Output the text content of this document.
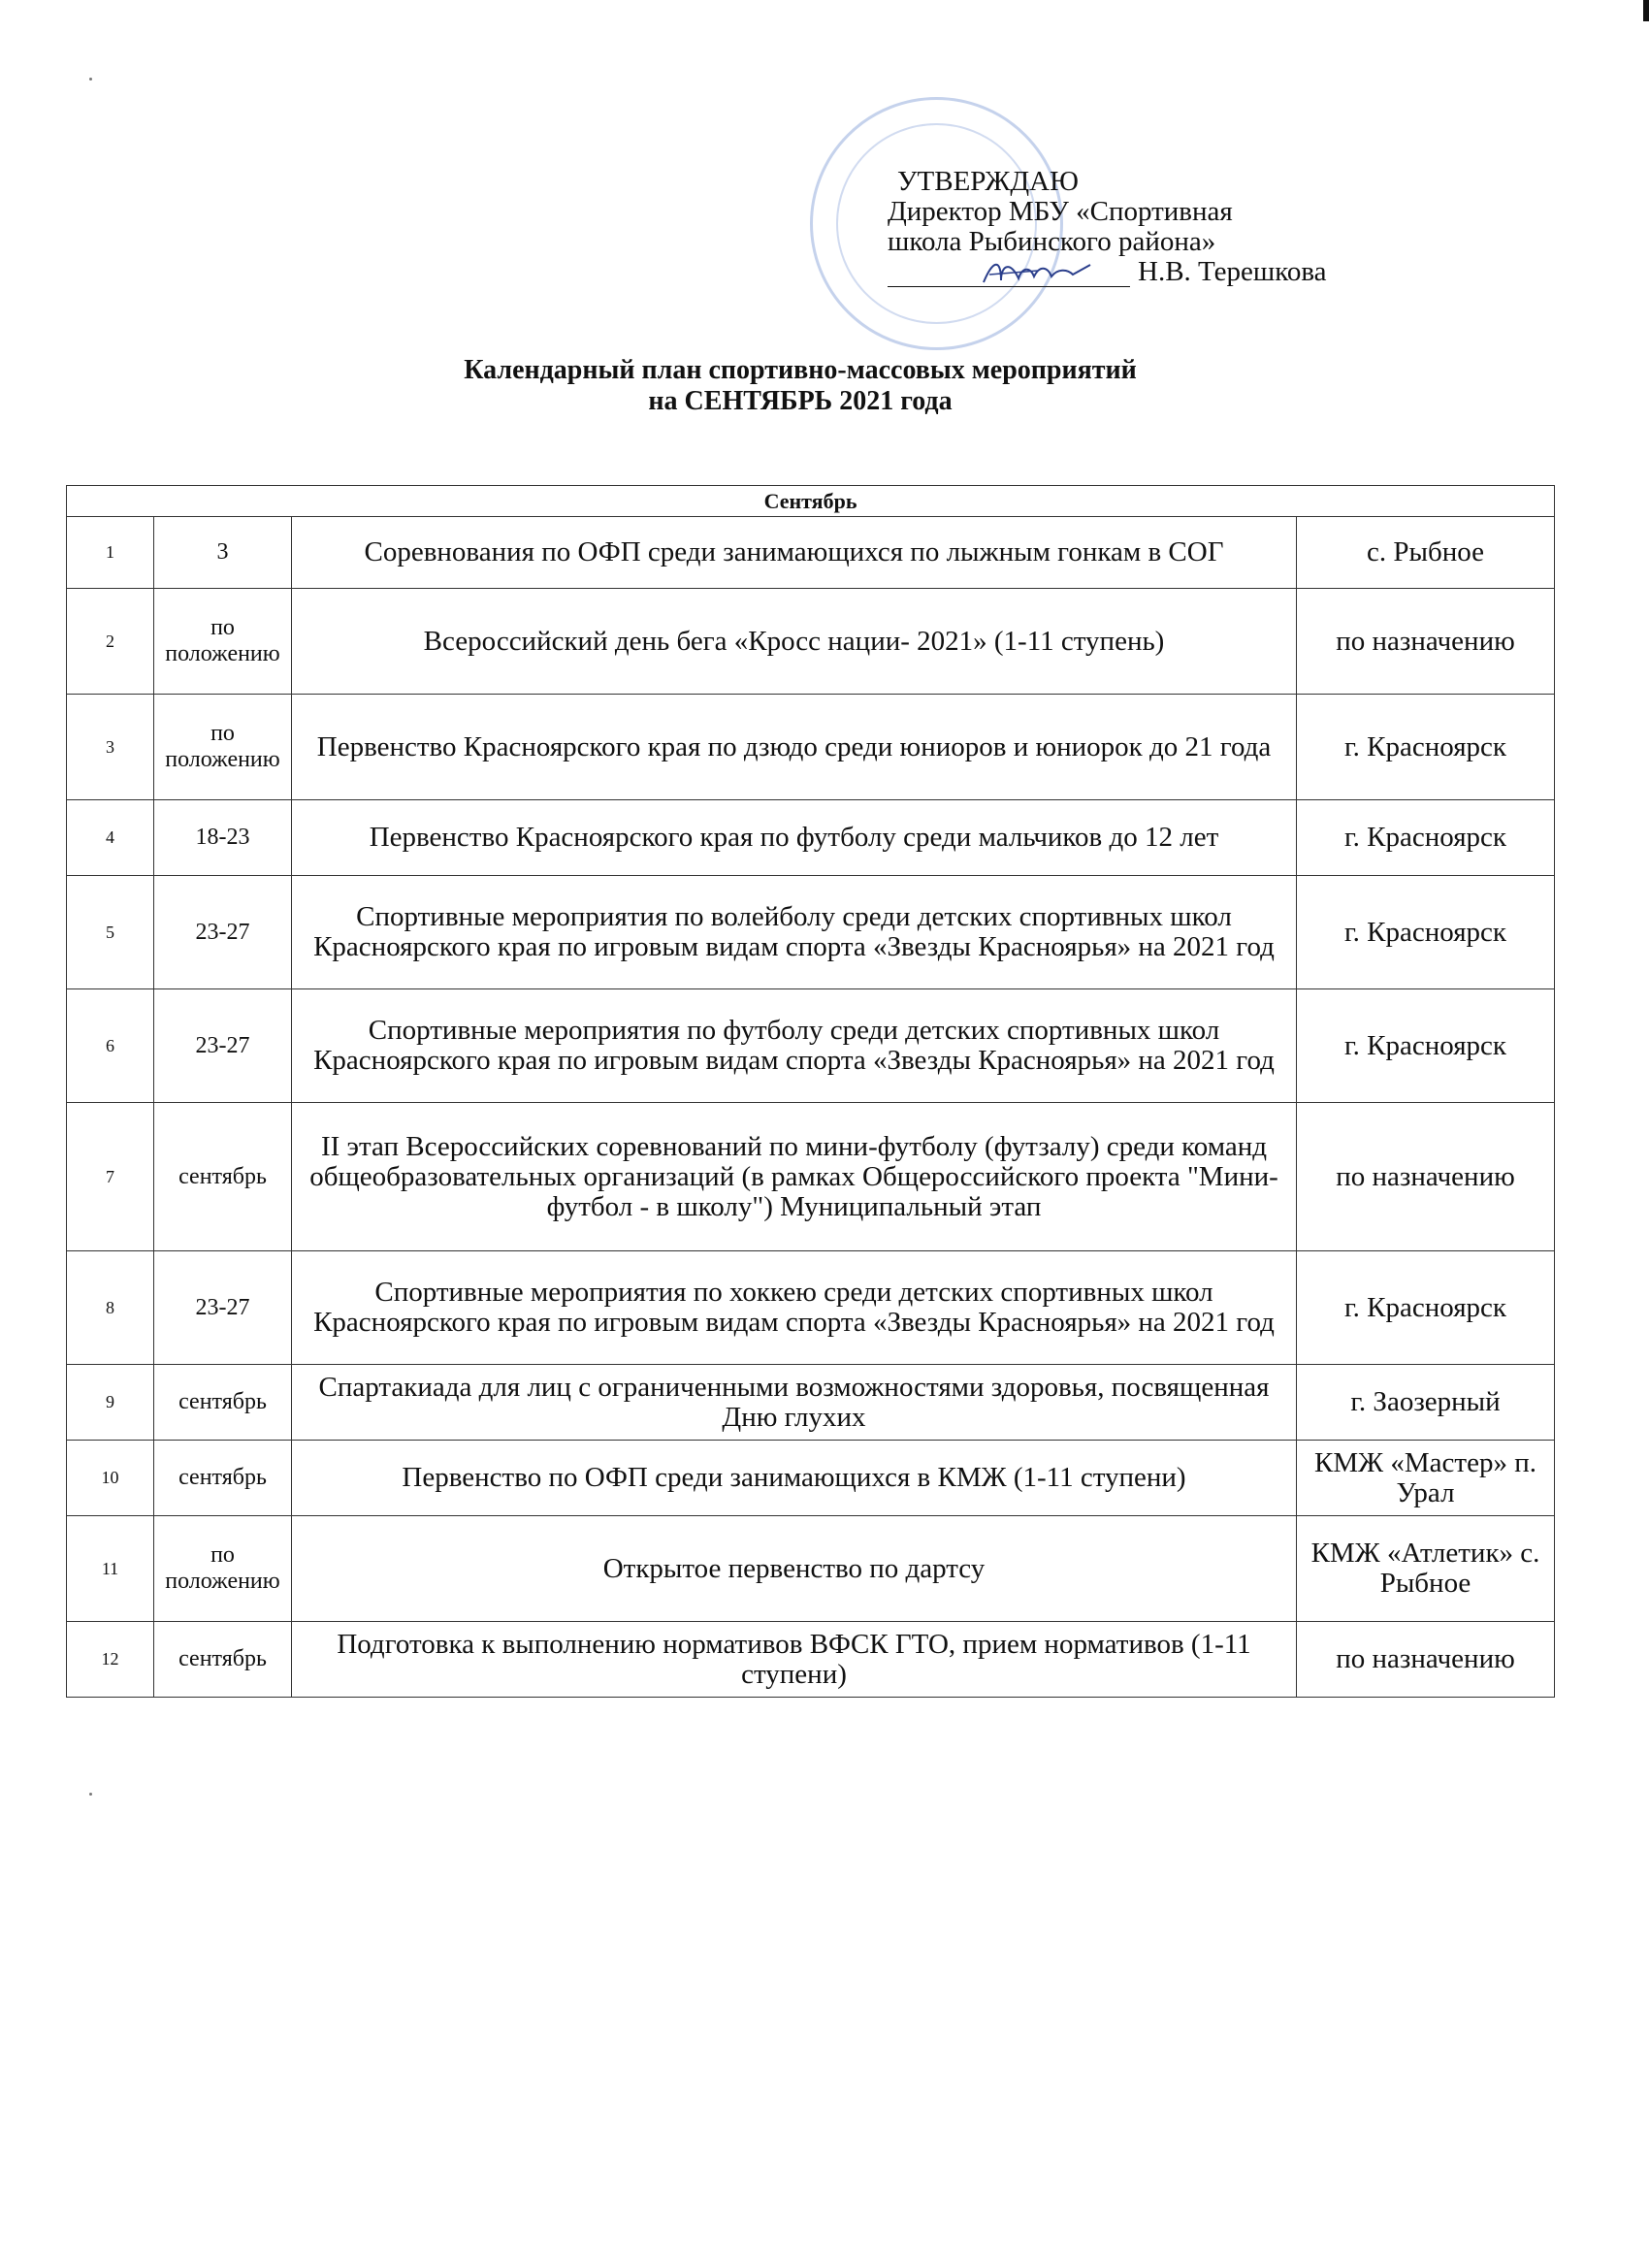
УТВЕРЖДАЮ
Директор МБУ «Спортивная
школа Рыбинского района»
Н.В. Терешкова
Календарный план спортивно-массовых мероприятий
на СЕНТЯБРЬ 2021 года
Сентябрь			
1	3	Соревнования по ОФП среди занимающихся по лыжным гонкам в СОГ	с. Рыбное
2	по положению	Всероссийский день бега «Кросс нации- 2021» (1-11 ступень)	по назначению
3	по положению	Первенство Красноярского края по дзюдо среди юниоров и юниорок до 21 года	г. Красноярск
4	18-23	Первенство Красноярского края по футболу среди мальчиков до 12 лет	г. Красноярск
5	23-27	Спортивные мероприятия по волейболу среди детских спортивных школ Красноярского края по игровым видам спорта «Звезды Красноярья» на 2021 год	г. Красноярск
6	23-27	Спортивные мероприятия по футболу среди детских спортивных школ Красноярского края по игровым видам спорта «Звезды Красноярья» на 2021 год	г. Красноярск
7	сентябрь	II этап Всероссийских соревнований по мини-футболу (футзалу) среди команд общеобразовательных организаций (в рамках Общероссийского проекта "Мини-футбол - в школу") Муниципальный этап	по назначению
8	23-27	Спортивные мероприятия по хоккею среди детских спортивных школ Красноярского края по игровым видам спорта «Звезды Красноярья» на 2021 год	г. Красноярск
9	сентябрь	Спартакиада для лиц с ограниченными возможностями здоровья, посвященная Дню глухих	г. Заозерный
10	сентябрь	Первенство по ОФП среди занимающихся в КМЖ (1-11 ступени)	КМЖ «Мастер» п. Урал
11	по положению	Открытое первенство по дартсу	КМЖ «Атлетик» с. Рыбное
12	сентябрь	Подготовка к выполнению нормативов ВФСК ГТО, прием нормативов (1-11 ступени)	по назначению
